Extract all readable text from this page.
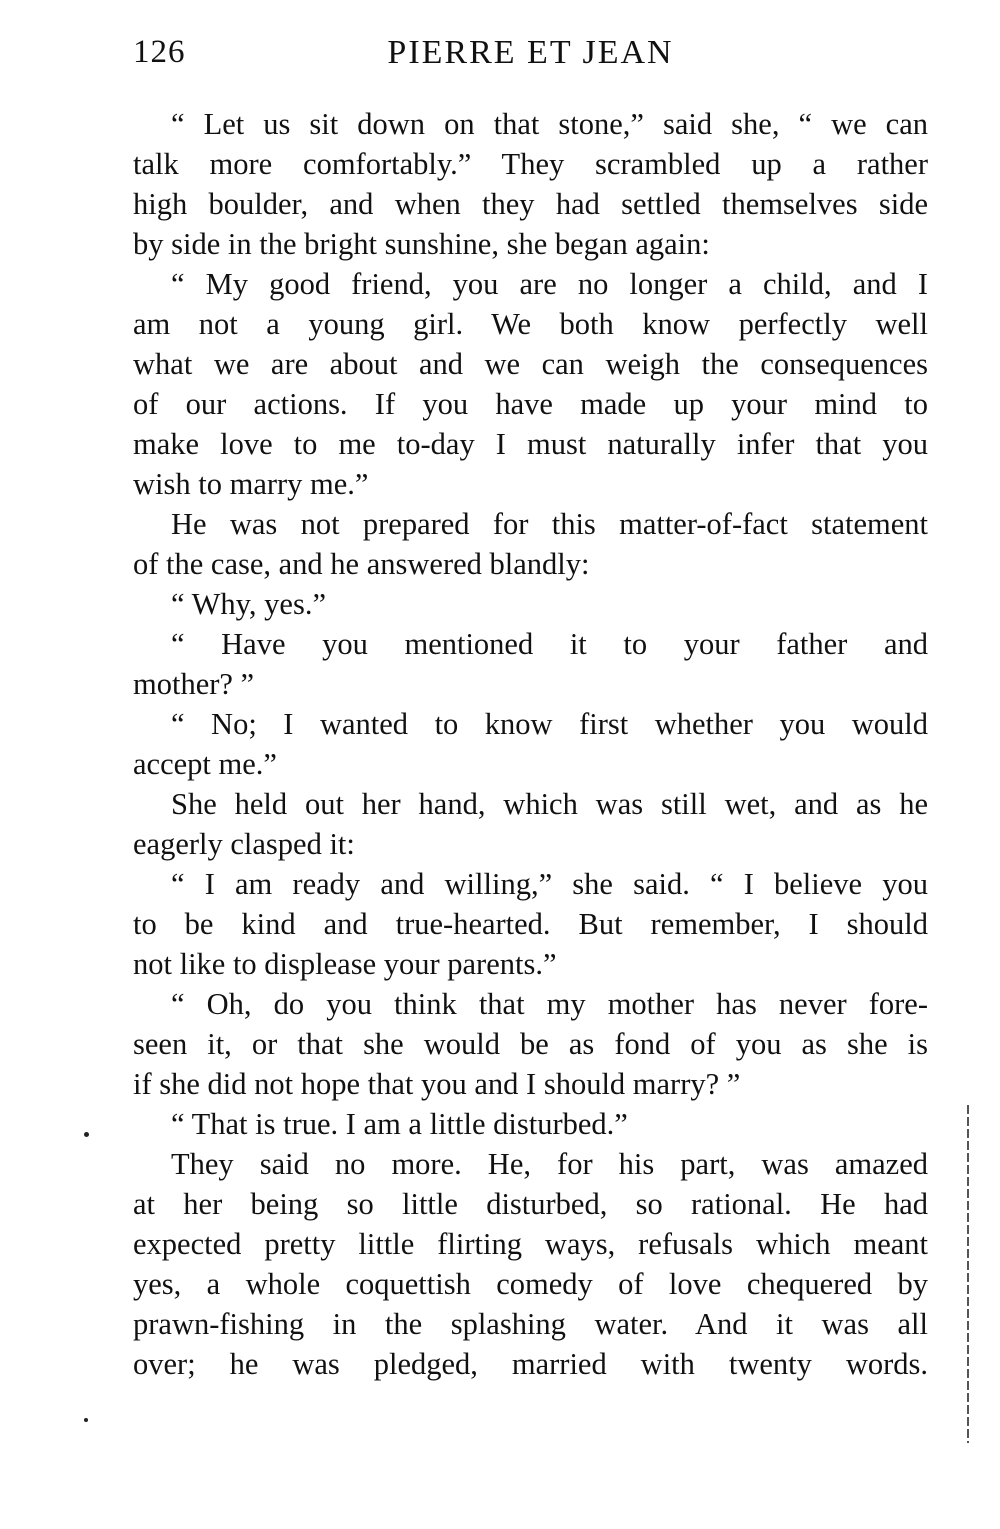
126	PIERRE ET JEAN
“ Let us sit down on that stone,” said she, “ we can
talk more comfortably.” They scrambled up a rather
high boulder, and when they had settled themselves side
by side in the bright sunshine, she began again:
“ My good friend, you are no longer a child, and I
am not a young girl. We both know perfectly well
what we are about and we can weigh the consequences
of our actions. If you have made up your mind to
make love to me to-day I must naturally infer that you
wish to marry me.”
He was not prepared for this matter-of-fact statement
of the case, and he answered blandly:
“ Why, yes.”
“ Have you mentioned it to your father and
mother? ”
“ No; I wanted to know first whether you would
accept me.”
She held out her hand, which was still wet, and as he
eagerly clasped it:
“ I am ready and willing,” she said. “ I believe you
to be kind and true-hearted. But remember, I should
not like to displease your parents.”
“ Oh, do you think that my mother has never fore-
seen it, or that she would be as fond of you as she is
if she did not hope that you and I should marry? ”
“ That is true. I am a little disturbed.”
They said no more. He, for his part, was amazed
at her being so little disturbed, so rational. He had
expected pretty little flirting ways, refusals which meant
yes, a whole coquettish comedy of love chequered by
prawn-fishing in the splashing water. And it was all
over; he was pledged, married with twenty words.
